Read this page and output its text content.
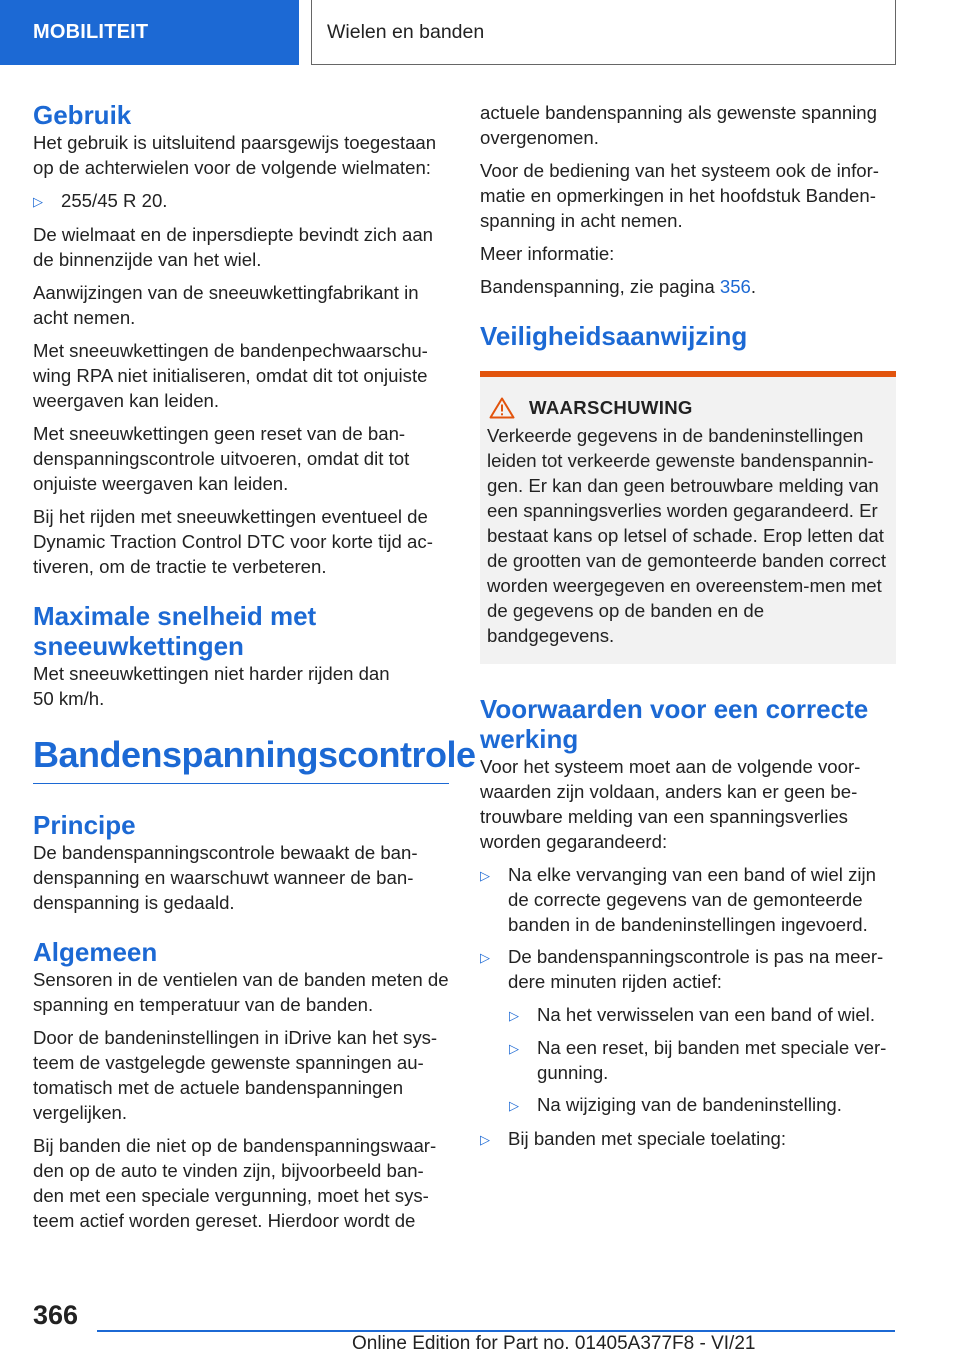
MOBILITEIT	Wielen en banden
Gebruik

Het gebruik is uitsluitend paarsgewijs toegestaan op de achterwielen voor de volgende wielmaten:

▷ 255/45 R 20.

De wielmaat en de inpersdiepte bevindt zich aan de binnenzijde van het wiel.

Aanwijzingen van de sneeuwkettingfabrikant in acht nemen.

Met sneeuwkettingen de bandenpechwaarschu-wing RPA niet initialiseren, omdat dit tot onjuiste weergaven kan leiden.

Met sneeuwkettingen geen reset van de ban-denspanningscontrole uitvoeren, omdat dit tot onjuiste weergaven kan leiden.

Bij het rijden met sneeuwkettingen eventueel de Dynamic Traction Control DTC voor korte tijd ac-tiveren, om de tractie te verbeteren.

Maximale snelheid met sneeuwkettingen

Met sneeuwkettingen niet harder rijden dan 50 km/h.

Bandenspanningscontrole
Principe

De bandenspanningscontrole bewaakt de ban-denspanning en waarschuwt wanneer de ban-denspanning is gedaald.

Algemeen

Sensoren in de ventielen van de banden meten de spanning en temperatuur van de banden.

Door de bandeninstellingen in iDrive kan het sys-teem de vastgelegde gewenste spanningen au-tomatisch met de actuele bandenspanningen vergelijken.

Bij banden die niet op de bandenspanningswaar-den op de auto te vinden zijn, bijvoorbeeld ban-den met een speciale vergunning, moet het sys-teem actief worden gereset. Hierdoor wordt de

actuele bandenspanning als gewenste spanning overgenomen.

Voor de bediening van het systeem ook de infor-matie en opmerkingen in het hoofdstuk Banden-spanning in acht nemen.

Meer informatie:

Bandenspanning, zie pagina 356.

Veiligheidsaanwijzing
WAARSCHUWING

Verkeerde gegevens in de bandeninstellingen leiden tot verkeerde gewenste bandenspannin-gen. Er kan dan geen betrouwbare melding van een spanningsverlies worden gegarandeerd. Er bestaat kans op letsel of schade. Erop letten dat de grootten van de gemonteerde banden correct worden weergegeven en overeenstem-men met de gegevens op de banden en de bandgegevens.

Voorwaarden voor een correcte werking

Voor het systeem moet aan de volgende voor-waarden zijn voldaan, anders kan er geen be-trouwbare melding van een spanningsverlies worden gegarandeerd:

▷ Na elke vervanging van een band of wiel zijn de correcte gegevens van de gemonteerde banden in de bandeninstellingen ingevoerd.
▷ De bandenspanningscontrole is pas na meer-dere minuten rijden actief:
▷ Na het verwisselen van een band of wiel.
▷ Na een reset, bij banden met speciale ver-gunning.
▷ Na wijziging van de bandeninstelling.
▷ Bij banden met speciale toelating:
366
Online Edition for Part no. 01405A377F8 - VI/21
